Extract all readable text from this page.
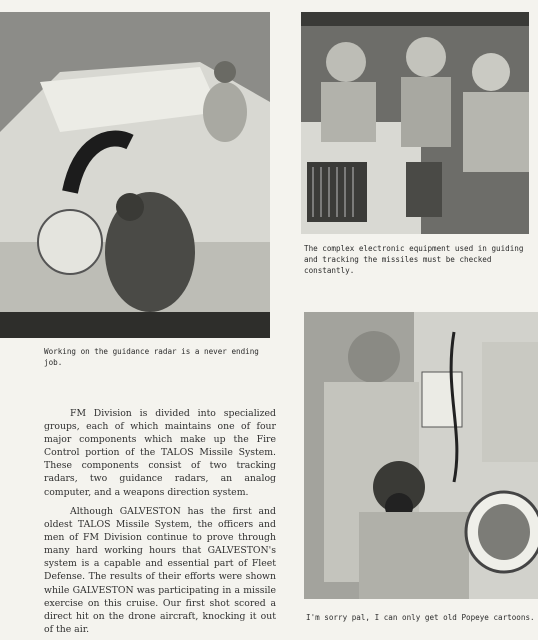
Working on the guidance radar is a never ending job.

The complex electronic equipment used in guiding and tracking the missiles must be checked constantly.

I'm sorry pal, I can only get old Popeye cartoons.

FM Division is divided into specialized groups, each of which maintains one of four major components which make up the Fire Control portion of the TALOS Missile System. These components consist of two tracking radars, two guidance radars, an analog computer, and a weapons direction system.

Although GALVESTON has the first and oldest TALOS Missile System, the officers and men of FM Division continue to prove through many hard working hours that GALVESTON's system is a capable and essential part of Fleet Defense. The results of their efforts were shown while GALVESTON was participating in a missile exercise on this cruise. Our first shot scored a direct hit on the drone aircraft, knocking it out of the air.
